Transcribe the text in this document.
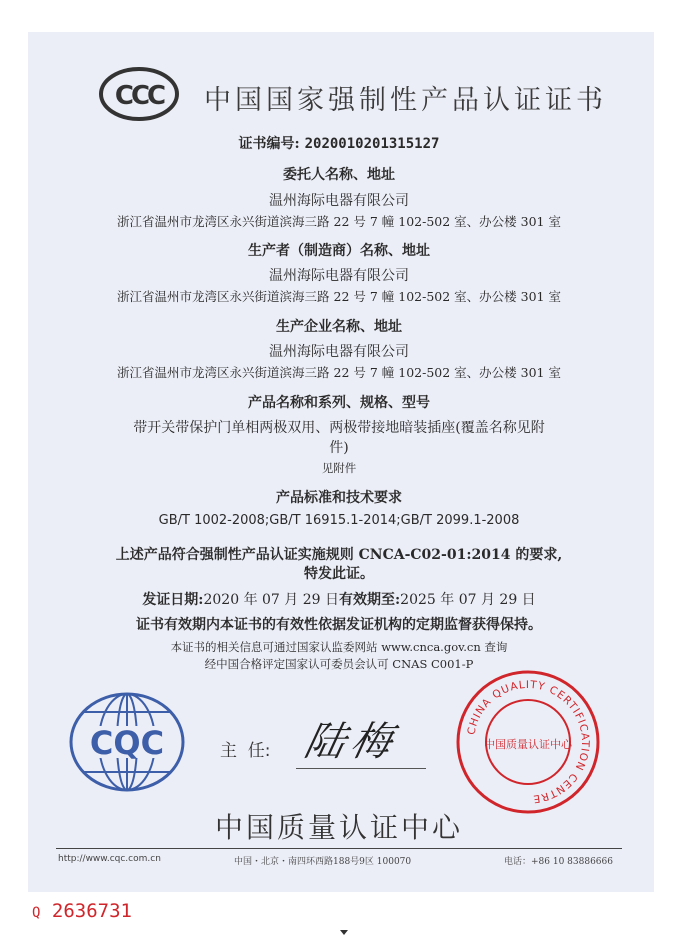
CCC 中国国家强制性产品认证证书
证书编号: 2020010201315127
委托人名称、地址
温州海际电器有限公司
浙江省温州市龙湾区永兴街道滨海三路 22 号 7 幢 102-502 室、办公楼 301 室
生产者（制造商）名称、地址
温州海际电器有限公司
浙江省温州市龙湾区永兴街道滨海三路 22 号 7 幢 102-502 室、办公楼 301 室
生产企业名称、地址
温州海际电器有限公司
浙江省温州市龙湾区永兴街道滨海三路 22 号 7 幢 102-502 室、办公楼 301 室
产品名称和系列、规格、型号
带开关带保护门单相两极双用、两极带接地暗装插座(覆盖名称见附
件)
见附件
产品标准和技术要求
GB/T 1002-2008;GB/T 16915.1-2014;GB/T 2099.1-2008
上述产品符合强制性产品认证实施规则 CNCA-C02-01:2014 的要求,
特发此证。
发证日期:2020 年 07 月 29 日有效期至:2025 年 07 月 29 日
证书有效期内本证书的有效性依据发证机构的定期监督获得保持。
本证书的相关信息可通过国家认监委网站 www.cnca.gov.cn 查询
经中国合格评定国家认可委员会认可 CNAS C001-P
CQC	主  任: 陆梅	CHINA QUALITY CERTIFICATION CENTRE
中国质量认证中心
中国质量认证中心
http://www.cqc.com.cn	中国・北京・南四环西路188号9区 100070	电话：+86 10 83886666
Q 2636731
